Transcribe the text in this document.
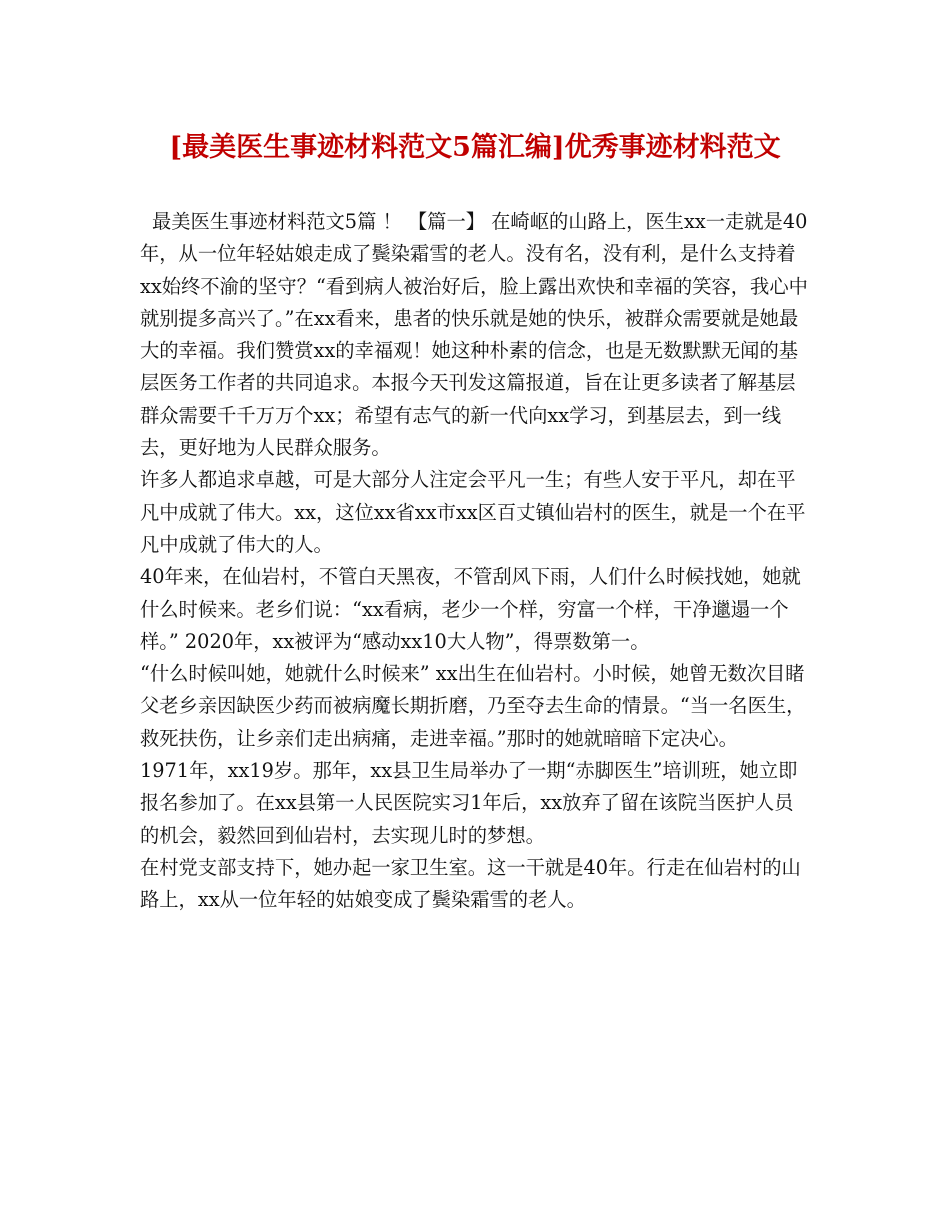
[最美医生事迹材料范文5篇汇编]优秀事迹材料范文

最美医生事迹材料范文5篇 ！ 【篇一】 在崎岖的山路上，医生xx一走就是40年，从一位年轻姑娘走成了鬓染霜雪的老人。没有名，没有利，是什么支持着xx始终不渝的坚守？“看到病人被治好后，脸上露出欢快和幸福的笑容，我心中就别提多高兴了。”在xx看来，患者的快乐就是她的快乐，被群众需要就是她最大的幸福。我们赞赏xx的幸福观！她这种朴素的信念，也是无数默默无闻的基层医务工作者的共同追求。本报今天刊发这篇报道，旨在让更多读者了解基层群众需要千千万万个xx；希望有志气的新一代向xx学习，到基层去，到一线去，更好地为人民群众服务。

许多人都追求卓越，可是大部分人注定会平凡一生；有些人安于平凡，却在平凡中成就了伟大。xx，这位xx省xx市xx区百丈镇仙岩村的医生，就是一个在平凡中成就了伟大的人。

40年来，在仙岩村，不管白天黑夜，不管刮风下雨，人们什么时候找她，她就什么时候来。老乡们说：“xx看病，老少一个样，穷富一个样，干净邋遢一个样。” 2020年，xx被评为“感动xx10大人物”，得票数第一。

“什么时候叫她，她就什么时候来” xx出生在仙岩村。小时候，她曾无数次目睹父老乡亲因缺医少药而被病魔长期折磨，乃至夺去生命的情景。“当一名医生，救死扶伤，让乡亲们走出病痛，走进幸福。”那时的她就暗暗下定决心。

1971年，xx19岁。那年，xx县卫生局举办了一期“赤脚医生”培训班，她立即报名参加了。在xx县第一人民医院实习1年后，xx放弃了留在该院当医护人员的机会，毅然回到仙岩村，去实现儿时的梦想。

在村党支部支持下，她办起一家卫生室。这一干就是40年。行走在仙岩村的山路上，xx从一位年轻的姑娘变成了鬓染霜雪的老人。
